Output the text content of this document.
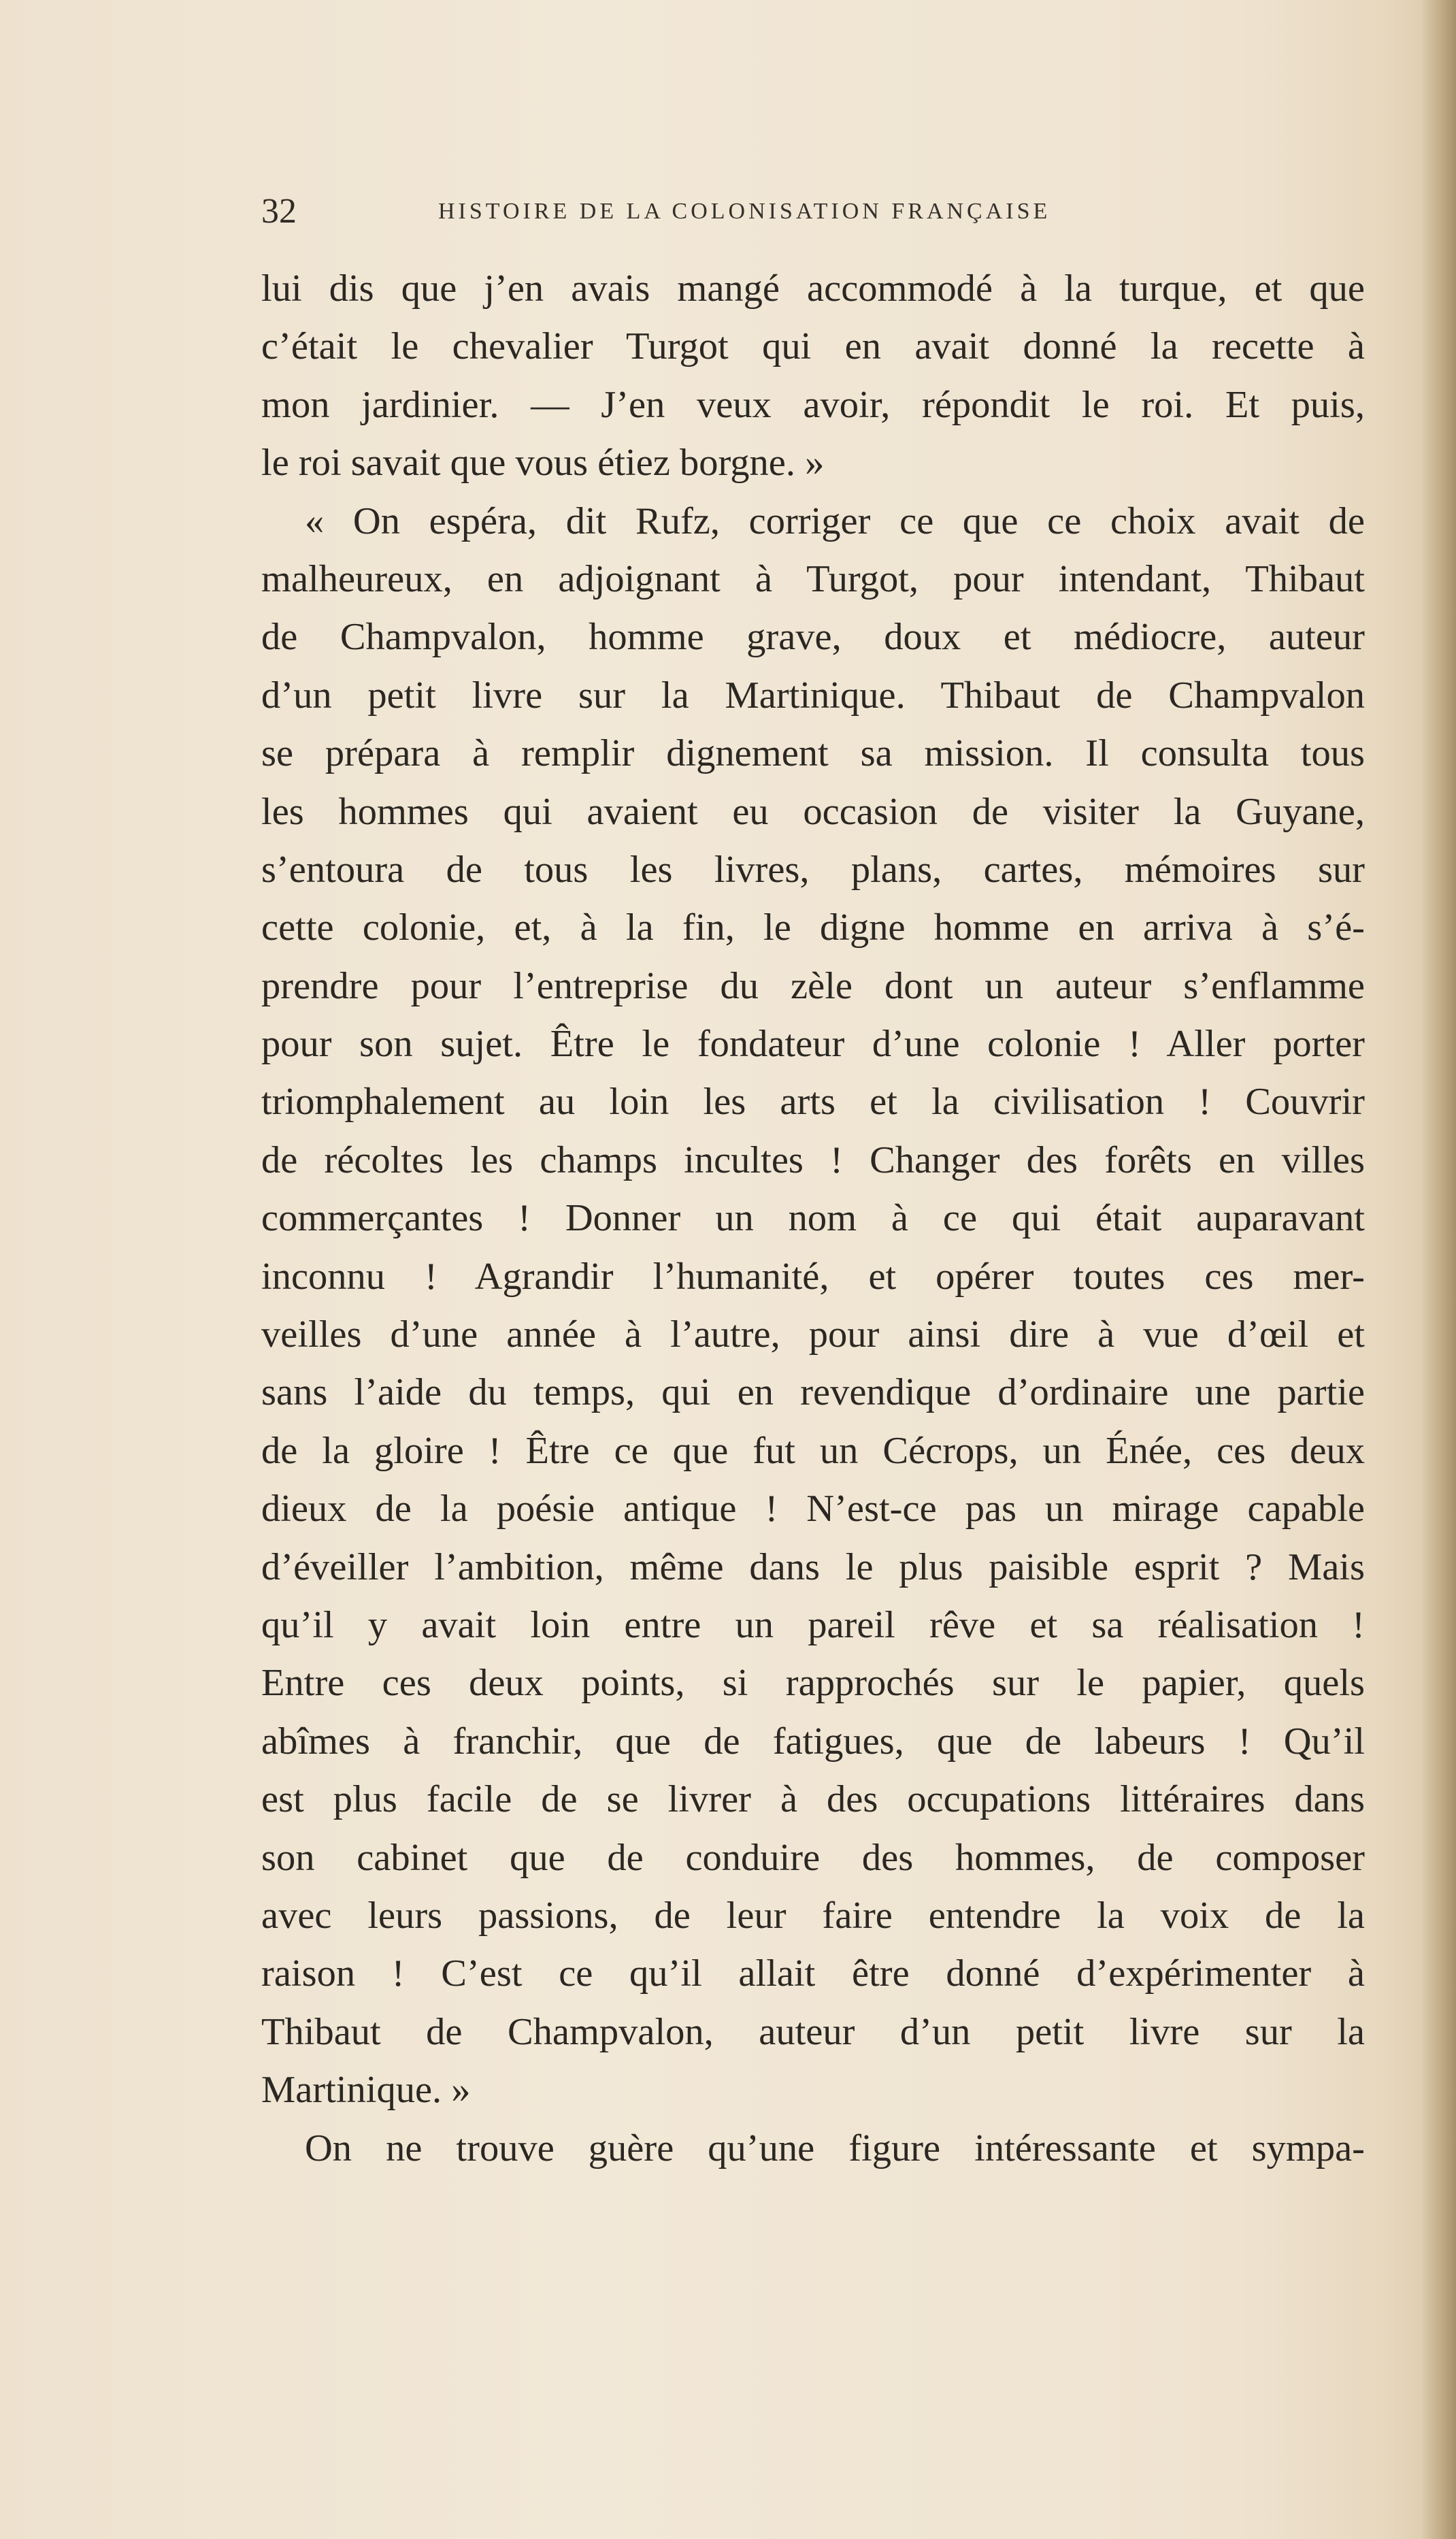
32	HISTOIRE DE LA COLONISATION FRANÇAISE
lui dis que j’en avais mangé accommodé à la turque, et que
c’était le chevalier Turgot qui en avait donné la recette à
mon jardinier. — J’en veux avoir, répondit le roi. Et puis,
le roi savait que vous étiez borgne. »
« On espéra, dit Rufz, corriger ce que ce choix avait de
malheureux, en adjoignant à Turgot, pour intendant, Thibaut
de Champvalon, homme grave, doux et médiocre, auteur
d’un petit livre sur la Martinique. Thibaut de Champvalon
se prépara à remplir dignement sa mission. Il consulta tous
les hommes qui avaient eu occasion de visiter la Guyane,
s’entoura de tous les livres, plans, cartes, mémoires sur
cette colonie, et, à la fin, le digne homme en arriva à s’é-
prendre pour l’entreprise du zèle dont un auteur s’enflamme
pour son sujet. Être le fondateur d’une colonie ! Aller porter
triomphalement au loin les arts et la civilisation ! Couvrir
de récoltes les champs incultes ! Changer des forêts en villes
commerçantes ! Donner un nom à ce qui était auparavant
inconnu ! Agrandir l’humanité, et opérer toutes ces mer-
veilles d’une année à l’autre, pour ainsi dire à vue d’œil et
sans l’aide du temps, qui en revendique d’ordinaire une partie
de la gloire ! Être ce que fut un Cécrops, un Énée, ces deux
dieux de la poésie antique ! N’est-ce pas un mirage capable
d’éveiller l’ambition, même dans le plus paisible esprit ? Mais
qu’il y avait loin entre un pareil rêve et sa réalisation !
Entre ces deux points, si rapprochés sur le papier, quels
abîmes à franchir, que de fatigues, que de labeurs ! Qu’il
est plus facile de se livrer à des occupations littéraires dans
son cabinet que de conduire des hommes, de composer
avec leurs passions, de leur faire entendre la voix de la
raison ! C’est ce qu’il allait être donné d’expérimenter à
Thibaut de Champvalon, auteur d’un petit livre sur la
Martinique. »
On ne trouve guère qu’une figure intéressante et sympa-
